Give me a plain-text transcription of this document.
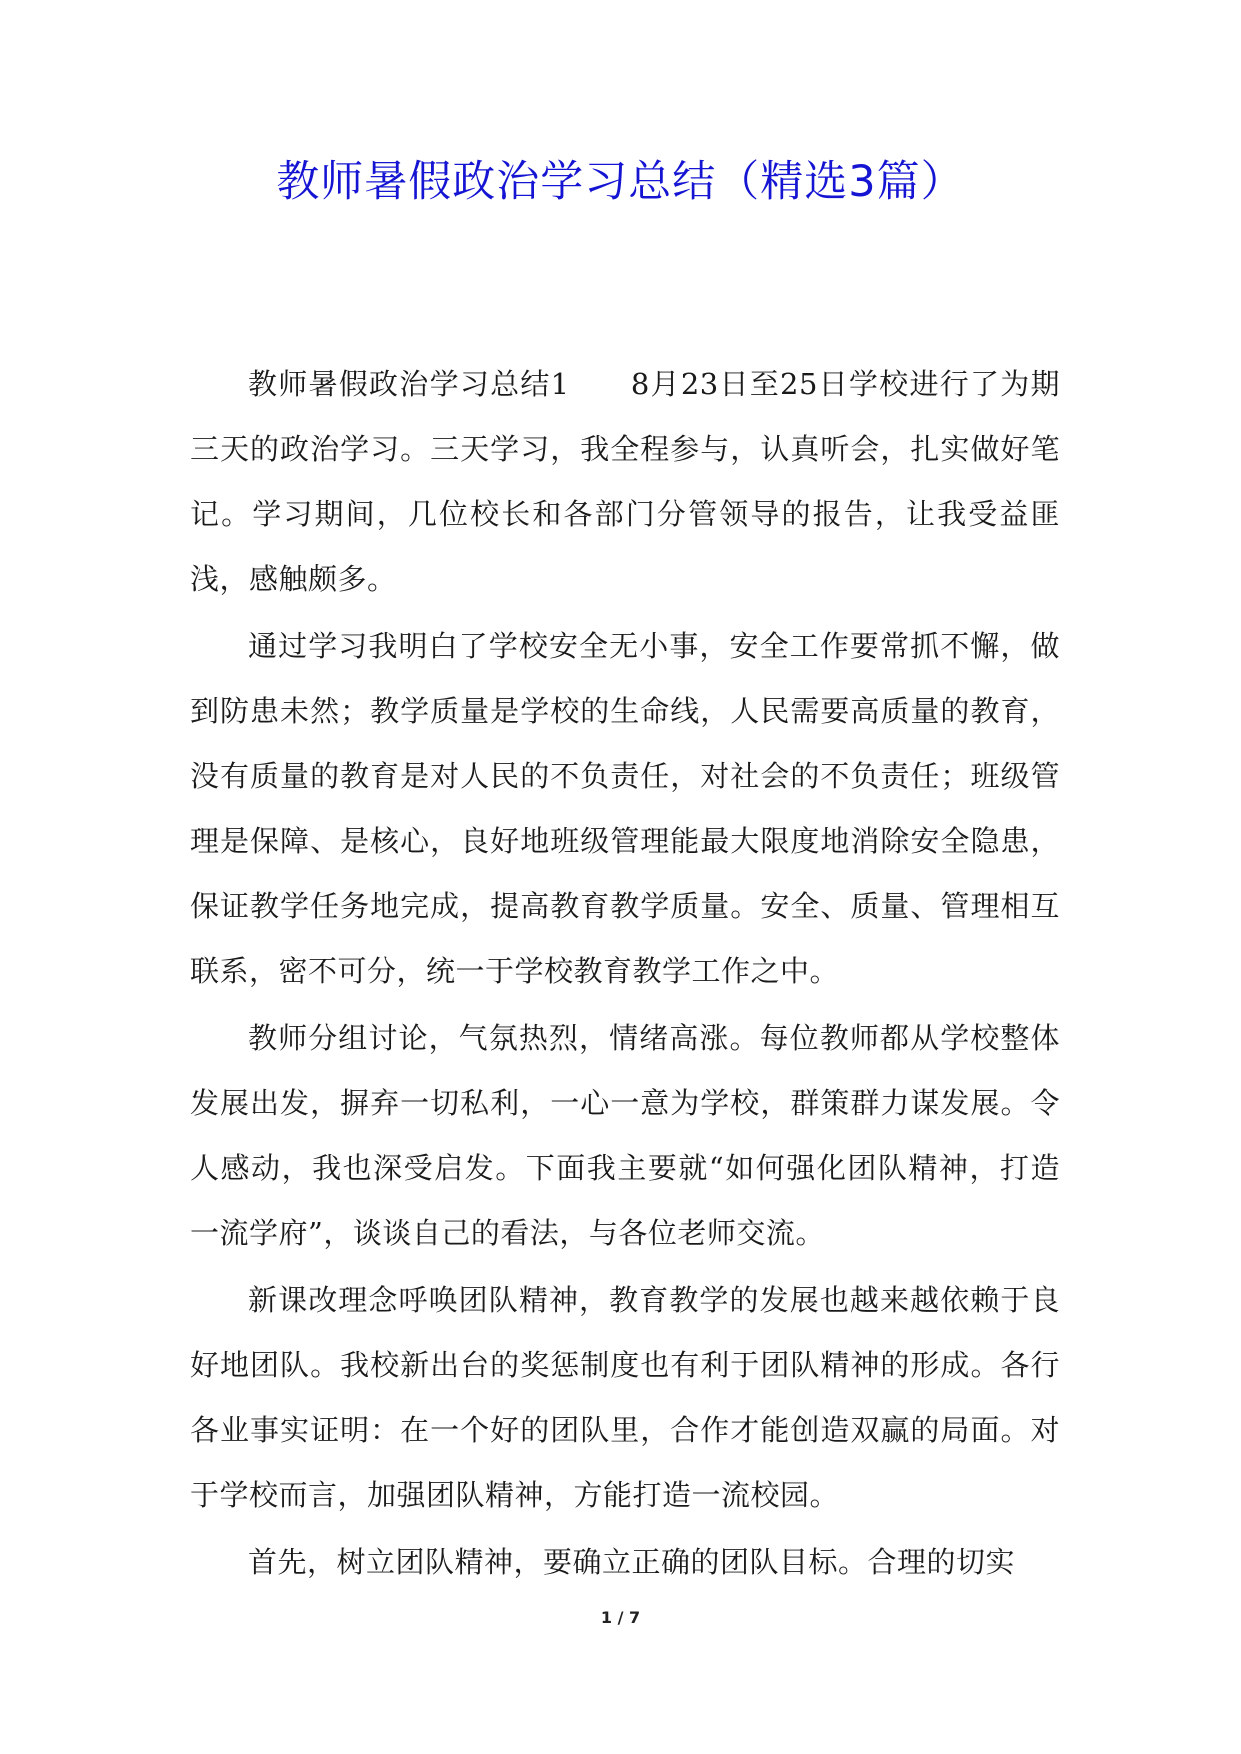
教师暑假政治学习总结（精选3篇）

教师暑假政治学习总结1　　8月23日至25日学校进行了为期三天的政治学习。三天学习，我全程参与，认真听会，扎实做好笔记。学习期间，几位校长和各部门分管领导的报告，让我受益匪浅，感触颇多。

通过学习我明白了学校安全无小事，安全工作要常抓不懈，做到防患未然；教学质量是学校的生命线，人民需要高质量的教育，没有质量的教育是对人民的不负责任，对社会的不负责任；班级管理是保障、是核心，良好地班级管理能最大限度地消除安全隐患，保证教学任务地完成，提高教育教学质量。安全、质量、管理相互联系，密不可分，统一于学校教育教学工作之中。

教师分组讨论，气氛热烈，情绪高涨。每位教师都从学校整体发展出发，摒弃一切私利，一心一意为学校，群策群力谋发展。令人感动，我也深受启发。下面我主要就“如何强化团队精神，打造一流学府”，谈谈自己的看法，与各位老师交流。

新课改理念呼唤团队精神，教育教学的发展也越来越依赖于良好地团队。我校新出台的奖惩制度也有利于团队精神的形成。各行各业事实证明：在一个好的团队里，合作才能创造双赢的局面。对于学校而言，加强团队精神，方能打造一流校园。

首先，树立团队精神，要确立正确的团队目标。合理的切实

1 / 7
